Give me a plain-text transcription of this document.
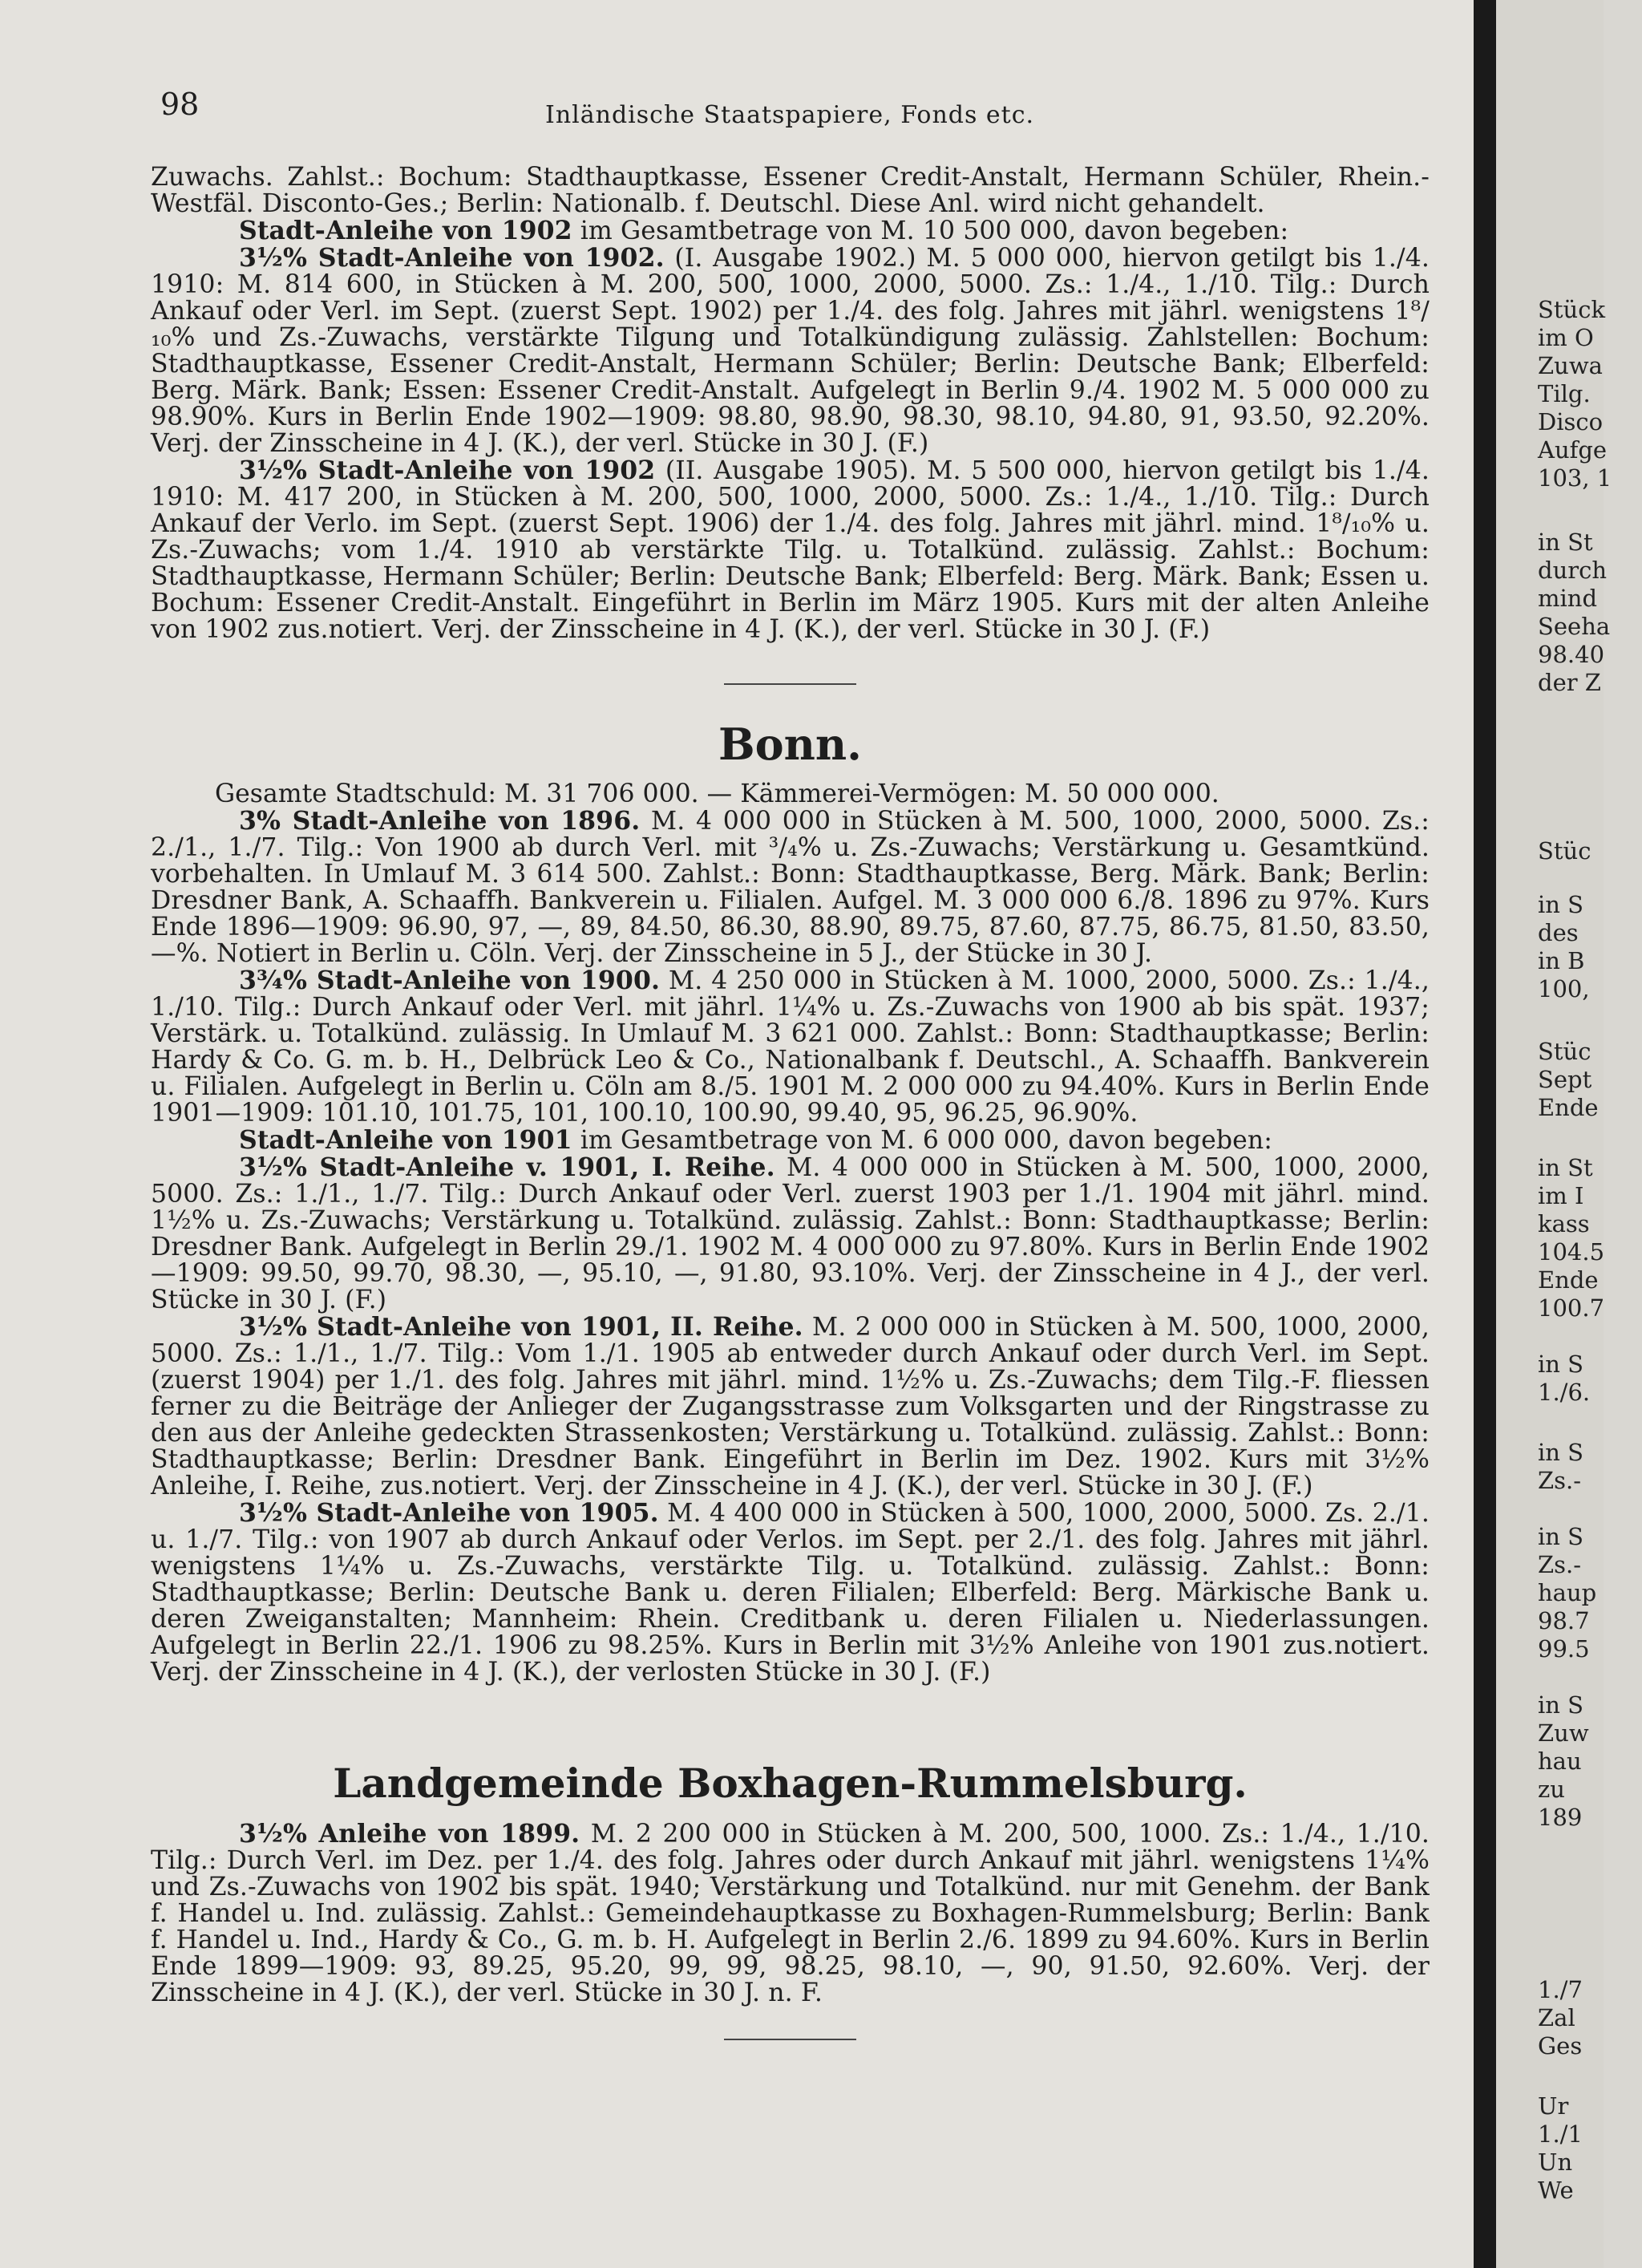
98	Inländische Staatspapiere, Fonds etc.

Zuwachs. Zahlst.: Bochum: Stadthauptkasse, Essener Credit-Anstalt, Hermann Schüler, Rhein.-Westfäl. Disconto-Ges.; Berlin: Nationalb. f. Deutschl. Diese Anl. wird nicht gehandelt.

Stadt-Anleihe von 1902 im Gesamtbetrage von M. 10 500 000, davon begeben:

3½% Stadt-Anleihe von 1902. (I. Ausgabe 1902.) M. 5 000 000, hiervon getilgt bis 1./4. 1910: M. 814 600, in Stücken à M. 200, 500, 1000, 2000, 5000. Zs.: 1./4., 1./10. Tilg.: Durch Ankauf oder Verl. im Sept. (zuerst Sept. 1902) per 1./4. des folg. Jahres mit jährl. wenigstens 1⁸/₁₀% und Zs.-Zuwachs, verstärkte Tilgung und Totalkündigung zulässig. Zahlstellen: Bochum: Stadthauptkasse, Essener Credit-Anstalt, Hermann Schüler; Berlin: Deutsche Bank; Elberfeld: Berg. Märk. Bank; Essen: Essener Credit-Anstalt. Aufgelegt in Berlin 9./4. 1902 M. 5 000 000 zu 98.90%. Kurs in Berlin Ende 1902—1909: 98.80, 98.90, 98.30, 98.10, 94.80, 91, 93.50, 92.20%. Verj. der Zinsscheine in 4 J. (K.), der verl. Stücke in 30 J. (F.)

3½% Stadt-Anleihe von 1902 (II. Ausgabe 1905). M. 5 500 000, hiervon getilgt bis 1./4. 1910: M. 417 200, in Stücken à M. 200, 500, 1000, 2000, 5000. Zs.: 1./4., 1./10. Tilg.: Durch Ankauf der Verlo. im Sept. (zuerst Sept. 1906) der 1./4. des folg. Jahres mit jährl. mind. 1⁸/₁₀% u. Zs.-Zuwachs; vom 1./4. 1910 ab verstärkte Tilg. u. Totalkünd. zulässig. Zahlst.: Bochum: Stadthauptkasse, Hermann Schüler; Berlin: Deutsche Bank; Elberfeld: Berg. Märk. Bank; Essen u. Bochum: Essener Credit-Anstalt. Eingeführt in Berlin im März 1905. Kurs mit der alten Anleihe von 1902 zus.notiert. Verj. der Zinsscheine in 4 J. (K.), der verl. Stücke in 30 J. (F.)

Bonn.

Gesamte Stadtschuld: M. 31 706 000. — Kämmerei-Vermögen: M. 50 000 000.

3% Stadt-Anleihe von 1896. M. 4 000 000 in Stücken à M. 500, 1000, 2000, 5000. Zs.: 2./1., 1./7. Tilg.: Von 1900 ab durch Verl. mit ³/₄% u. Zs.-Zuwachs; Verstärkung u. Gesamtkünd. vorbehalten. In Umlauf M. 3 614 500. Zahlst.: Bonn: Stadthauptkasse, Berg. Märk. Bank; Berlin: Dresdner Bank, A. Schaaffh. Bankverein u. Filialen. Aufgel. M. 3 000 000 6./8. 1896 zu 97%. Kurs Ende 1896—1909: 96.90, 97, —, 89, 84.50, 86.30, 88.90, 89.75, 87.60, 87.75, 86.75, 81.50, 83.50, —%. Notiert in Berlin u. Cöln. Verj. der Zinsscheine in 5 J., der Stücke in 30 J.

3¾% Stadt-Anleihe von 1900. M. 4 250 000 in Stücken à M. 1000, 2000, 5000. Zs.: 1./4., 1./10. Tilg.: Durch Ankauf oder Verl. mit jährl. 1¼% u. Zs.-Zuwachs von 1900 ab bis spät. 1937; Verstärk. u. Totalkünd. zulässig. In Umlauf M. 3 621 000. Zahlst.: Bonn: Stadthauptkasse; Berlin: Hardy & Co. G. m. b. H., Delbrück Leo & Co., Nationalbank f. Deutschl., A. Schaaffh. Bankverein u. Filialen. Aufgelegt in Berlin u. Cöln am 8./5. 1901 M. 2 000 000 zu 94.40%. Kurs in Berlin Ende 1901—1909: 101.10, 101.75, 101, 100.10, 100.90, 99.40, 95, 96.25, 96.90%.

Stadt-Anleihe von 1901 im Gesamtbetrage von M. 6 000 000, davon begeben:

3½% Stadt-Anleihe v. 1901, I. Reihe. M. 4 000 000 in Stücken à M. 500, 1000, 2000, 5000. Zs.: 1./1., 1./7. Tilg.: Durch Ankauf oder Verl. zuerst 1903 per 1./1. 1904 mit jährl. mind. 1½% u. Zs.-Zuwachs; Verstärkung u. Totalkünd. zulässig. Zahlst.: Bonn: Stadthauptkasse; Berlin: Dresdner Bank. Aufgelegt in Berlin 29./1. 1902 M. 4 000 000 zu 97.80%. Kurs in Berlin Ende 1902—1909: 99.50, 99.70, 98.30, —, 95.10, —, 91.80, 93.10%. Verj. der Zinsscheine in 4 J., der verl. Stücke in 30 J. (F.)

3½% Stadt-Anleihe von 1901, II. Reihe. M. 2 000 000 in Stücken à M. 500, 1000, 2000, 5000. Zs.: 1./1., 1./7. Tilg.: Vom 1./1. 1905 ab entweder durch Ankauf oder durch Verl. im Sept. (zuerst 1904) per 1./1. des folg. Jahres mit jährl. mind. 1½% u. Zs.-Zuwachs; dem Tilg.-F. fliessen ferner zu die Beiträge der Anlieger der Zugangsstrasse zum Volksgarten und der Ringstrasse zu den aus der Anleihe gedeckten Strassenkosten; Verstärkung u. Totalkünd. zulässig. Zahlst.: Bonn: Stadthauptkasse; Berlin: Dresdner Bank. Eingeführt in Berlin im Dez. 1902. Kurs mit 3½% Anleihe, I. Reihe, zus.notiert. Verj. der Zinsscheine in 4 J. (K.), der verl. Stücke in 30 J. (F.)

3½% Stadt-Anleihe von 1905. M. 4 400 000 in Stücken à 500, 1000, 2000, 5000. Zs. 2./1. u. 1./7. Tilg.: von 1907 ab durch Ankauf oder Verlos. im Sept. per 2./1. des folg. Jahres mit jährl. wenigstens 1¼% u. Zs.-Zuwachs, verstärkte Tilg. u. Totalkünd. zulässig. Zahlst.: Bonn: Stadthauptkasse; Berlin: Deutsche Bank u. deren Filialen; Elberfeld: Berg. Märkische Bank u. deren Zweiganstalten; Mannheim: Rhein. Creditbank u. deren Filialen u. Niederlassungen. Aufgelegt in Berlin 22./1. 1906 zu 98.25%. Kurs in Berlin mit 3½% Anleihe von 1901 zus.notiert. Verj. der Zinsscheine in 4 J. (K.), der verlosten Stücke in 30 J. (F.)

Landgemeinde Boxhagen-Rummelsburg.

3½% Anleihe von 1899. M. 2 200 000 in Stücken à M. 200, 500, 1000. Zs.: 1./4., 1./10. Tilg.: Durch Verl. im Dez. per 1./4. des folg. Jahres oder durch Ankauf mit jährl. wenigstens 1¼% und Zs.-Zuwachs von 1902 bis spät. 1940; Verstärkung und Totalkünd. nur mit Genehm. der Bank f. Handel u. Ind. zulässig. Zahlst.: Gemeindehauptkasse zu Boxhagen-Rummelsburg; Berlin: Bank f. Handel u. Ind., Hardy & Co., G. m. b. H. Aufgelegt in Berlin 2./6. 1899 zu 94.60%. Kurs in Berlin Ende 1899—1909: 93, 89.25, 95.20, 99, 99, 98.25, 98.10, —, 90, 91.50, 92.60%. Verj. der Zinsscheine in 4 J. (K.), der verl. Stücke in 30 J. n. F.

Stück
im O
Zuwa
Tilg.
Disco
Aufge
103, 1
in St
durch
mind
Seeha
98.40
der Z
Stüc
in S
des
in B
100,
Stüc
Sept
Ende
in St
im I
kass
104.5
Ende
100.7
in S
1./6.
in S
Zs.-
in S
Zs.-
haup
98.7
99.5
in S
Zuw
hau
zu
189
1./7
Zal
Ges
Ur
1./1
Un
We
